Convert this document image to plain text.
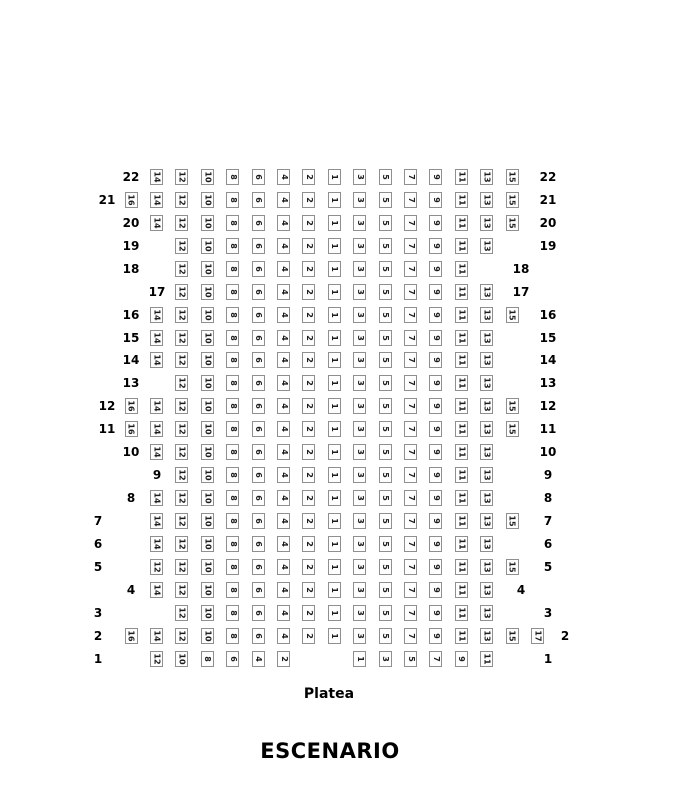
22	22
14 12 10 8 6 4 2 1 3 5 7 9 11 13 15
21	21
16 14 12 10 8 6 4 2 1 3 5 7 9 11 13 15
20	20
14 12 10 8 6 4 2 1 3 5 7 9 11 13 15
19	19
12 10 8 6 4 2 1 3 5 7 9 11 13
18	18
12 10 8 6 4 2 1 3 5 7 9 11
17	17
12 10 8 6 4 2 1 3 5 7 9 11 13
16	16
14 12 10 8 6 4 2 1 3 5 7 9 11 13 15
15	15
14 12 10 8 6 4 2 1 3 5 7 9 11 13
14	14
14 12 10 8 6 4 2 1 3 5 7 9 11 13
13	13
12 10 8 6 4 2 1 3 5 7 9 11 13
12	12
16 14 12 10 8 6 4 2 1 3 5 7 9 11 13 15
11	11
16 14 12 10 8 6 4 2 1 3 5 7 9 11 13 15
10	10
14 12 10 8 6 4 2 1 3 5 7 9 11 13
9	9
12 10 8 6 4 2 1 3 5 7 9 11 13
8	8
14 12 10 8 6 4 2 1 3 5 7 9 11 13
7	7
14 12 10 8 6 4 2 1 3 5 7 9 11 13 15
6	6
14 12 10 8 6 4 2 1 3 5 7 9 11 13
5	5
12 12 10 8 6 4 2 1 3 5 7 9 11 13 15
4	4
14 12 10 8 6 4 2 1 3 5 7 9 11 13
3	3
12 10 8 6 4 2 1 3 5 7 9 11 13
2	2
16 14 12 10 8 6 4 2 1 3 5 7 9 11 13 15 17
1	1
12 10 8 6 4 2	1 3 5 7 9 11
Platea
ESCENARIO
